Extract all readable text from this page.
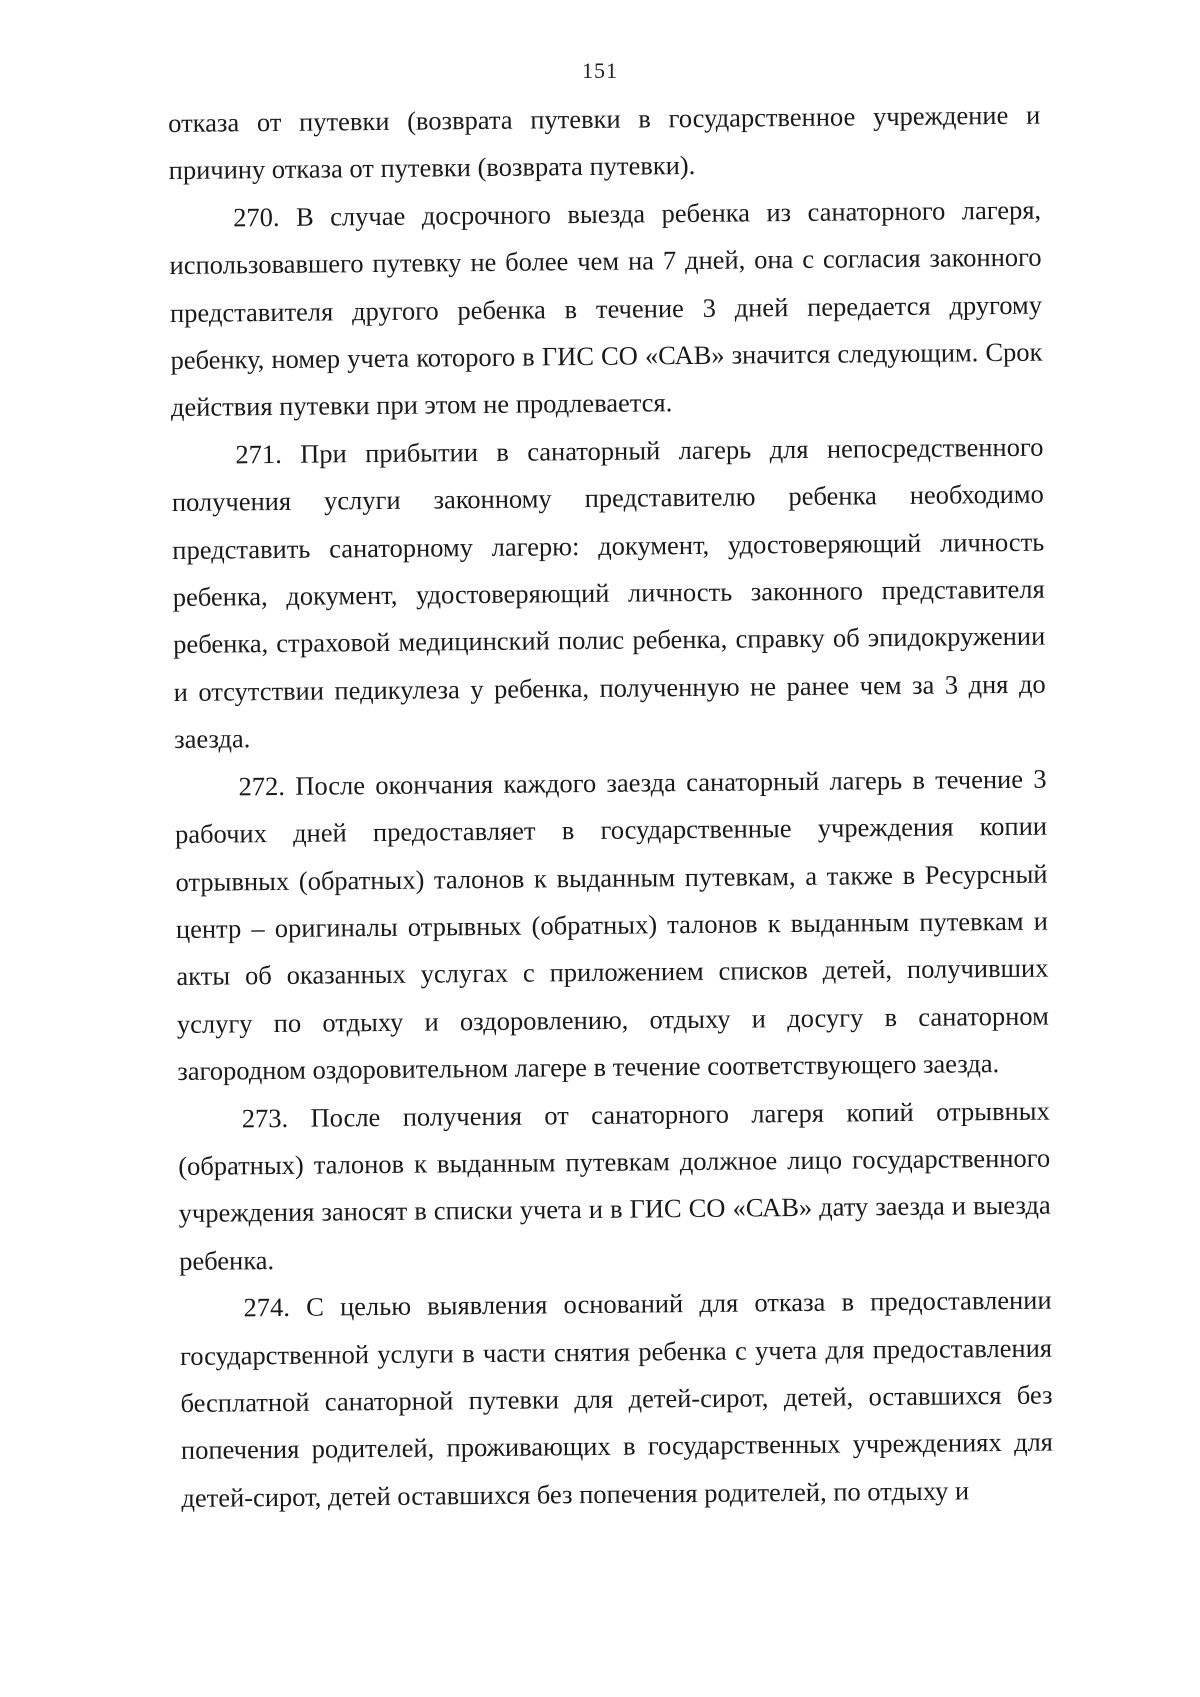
151

отказа от путевки (возврата путевки в государственное учреждение и причину отказа от путевки (возврата путевки).

270. В случае досрочного выезда ребенка из санаторного лагеря, использовавшего путевку не более чем на 7 дней, она с согласия законного представителя другого ребенка в течение 3 дней передается другому ребенку, номер учета которого в ГИС СО «САВ» значится следующим. Срок действия путевки при этом не продлевается.

271. При прибытии в санаторный лагерь для непосредственного получения услуги законному представителю ребенка необходимо представить санаторному лагерю: документ, удостоверяющий личность ребенка, документ, удостоверяющий личность законного представителя ребенка, страховой медицинский полис ребенка, справку об эпидокружении и отсутствии педикулеза у ребенка, полученную не ранее чем за 3 дня до заезда.

272. После окончания каждого заезда санаторный лагерь в течение 3 рабочих дней предоставляет в государственные учреждения копии отрывных (обратных) талонов к выданным путевкам, а также в Ресурсный центр – оригиналы отрывных (обратных) талонов к выданным путевкам и акты об оказанных услугах с приложением списков детей, получивших услугу по отдыху и оздоровлению, отдыху и досугу в санаторном загородном оздоровительном лагере в течение соответствующего заезда.

273. После получения от санаторного лагеря копий отрывных (обратных) талонов к выданным путевкам должное лицо государственного учреждения заносят в списки учета и в ГИС СО «САВ» дату заезда и выезда ребенка.

274. С целью выявления оснований для отказа в предоставлении государственной услуги в части снятия ребенка с учета для предоставления бесплатной санаторной путевки для детей-сирот, детей, оставшихся без попечения родителей, проживающих в государственных учреждениях для детей-сирот, детей оставшихся без попечения родителей, по отдыху и
